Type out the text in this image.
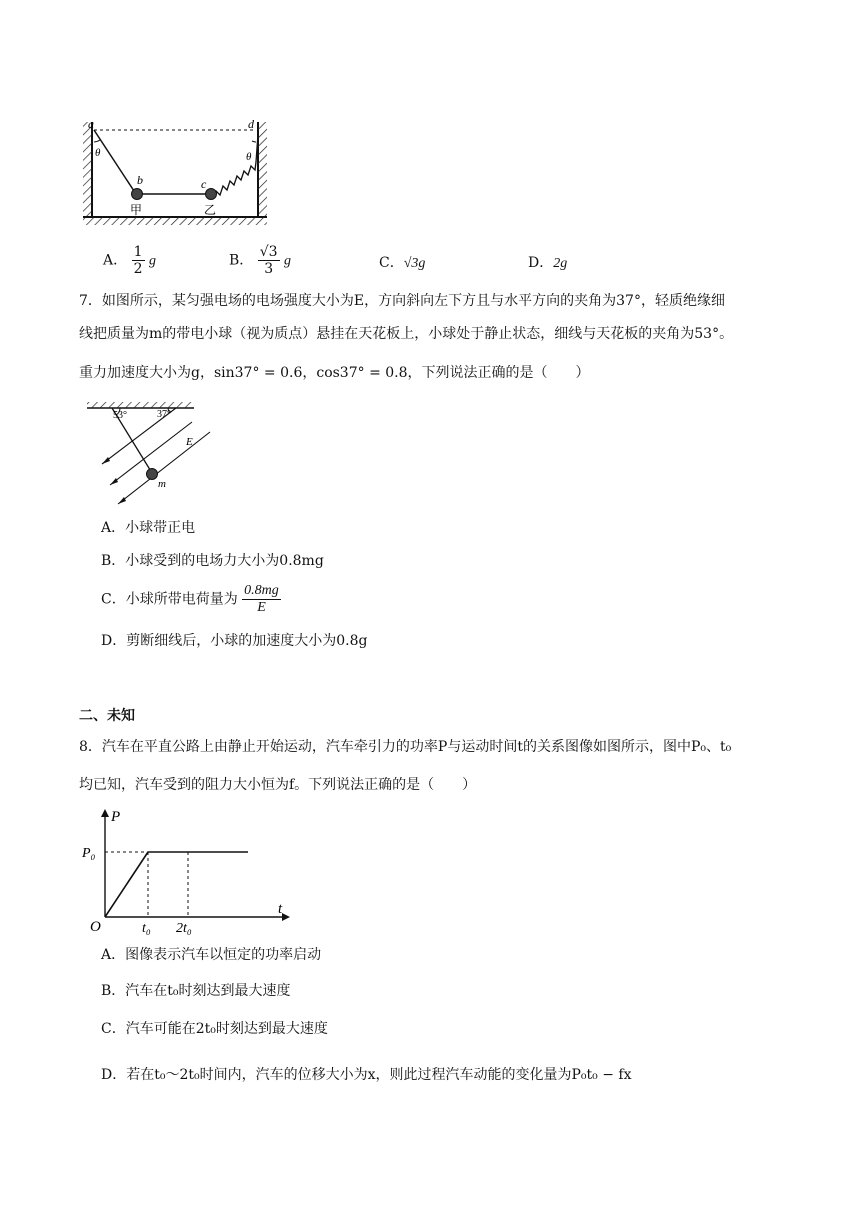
a
b	c
d
θ	θ
甲	乙
A． $\frac{1}{2}$ g	B． $\frac{√3}{3}$ g	C．√3g	D．2g
7．如图所示，某匀强电场的电场强度大小为E，方向斜向左下方且与水平方向的夹角为37°，轻质绝缘细
线把质量为m的带电小球（视为质点）悬挂在天花板上，小球处于静止状态，细线与天花板的夹角为53°。
重力加速度大小为g，sin37° = 0.6，cos37° = 0.8，下列说法正确的是（　　）
53°	37°
E
m
A．小球带正电
B．小球受到的电场力大小为0.8mg
C．小球所带电荷量为 $\frac{0.8mg}{E}$
D．剪断细线后，小球的加速度大小为0.8g
二、未知
8．汽车在平直公路上由静止开始运动，汽车牵引力的功率P与运动时间t的关系图像如图所示，图中P₀、t₀
均已知，汽车受到的阻力大小恒为f。下列说法正确的是（　　）
P
t
O
P₀
t₀ 2t₀
A．图像表示汽车以恒定的功率启动
B．汽车在t₀时刻达到最大速度
C．汽车可能在2t₀时刻达到最大速度
D．若在t₀～2t₀时间内，汽车的位移大小为x，则此过程汽车动能的变化量为P₀t₀ − fx
